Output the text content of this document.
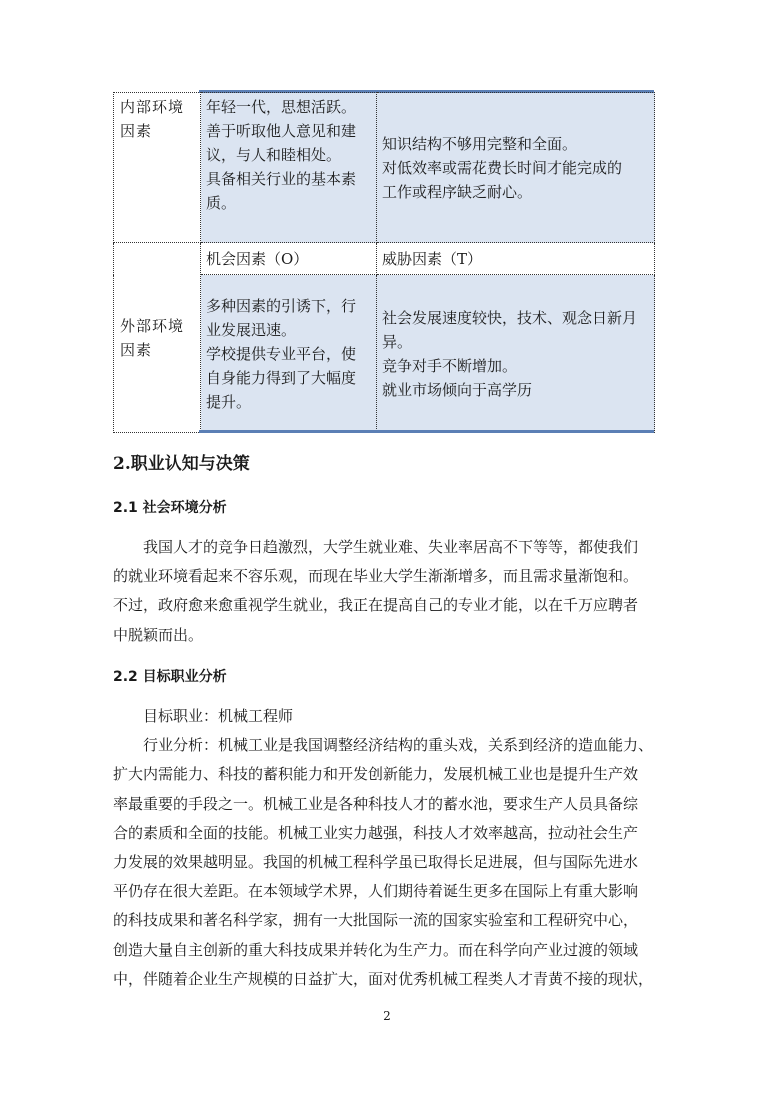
内部环境
因素	年轻一代，思想活跃。
善于听取他人意见和建
议，与人和睦相处。
具备相关行业的基本素
质。	知识结构不够用完整和全面。
对低效率或需花费长时间才能完成的
工作或程序缺乏耐心。

外部环境
因素	机会因素（O）	威胁因素（T）

	多种因素的引诱下，行
业发展迅速。
学校提供专业平台，使
自身能力得到了大幅度
提升。	社会发展速度较快，技术、观念日新月
异。
竞争对手不断增加。
就业市场倾向于高学历
2.职业认知与决策
2.1 社会环境分析
　　我国人才的竞争日趋激烈，大学生就业难、失业率居高不下等等，都使我们
的就业环境看起来不容乐观，而现在毕业大学生渐渐增多，而且需求量渐饱和。
不过，政府愈来愈重视学生就业，我正在提高自己的专业才能，以在千万应聘者
中脱颖而出。
2.2 目标职业分析
　　目标职业：机械工程师
　　行业分析：机械工业是我国调整经济结构的重头戏，关系到经济的造血能力、
扩大内需能力、科技的蓄积能力和开发创新能力，发展机械工业也是提升生产效
率最重要的手段之一。机械工业是各种科技人才的蓄水池，要求生产人员具备综
合的素质和全面的技能。机械工业实力越强，科技人才效率越高，拉动社会生产
力发展的效果越明显。我国的机械工程科学虽已取得长足进展，但与国际先进水
平仍存在很大差距。在本领域学术界，人们期待着诞生更多在国际上有重大影响
的科技成果和著名科学家，拥有一大批国际一流的国家实验室和工程研究中心，
创造大量自主创新的重大科技成果并转化为生产力。而在科学向产业过渡的领域
中，伴随着企业生产规模的日益扩大，面对优秀机械工程类人才青黄不接的现状，
2
